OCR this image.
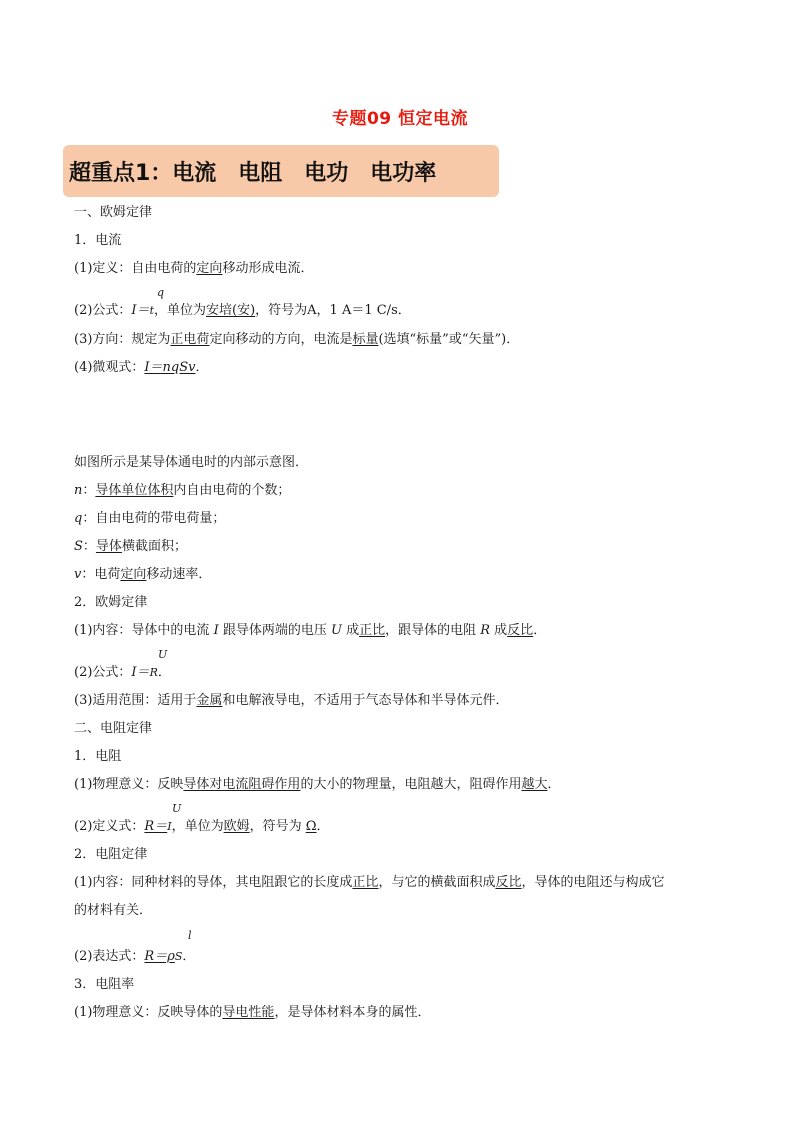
专题09 恒定电流
超重点1：电流　电阻　电功　电功率
一、欧姆定律
1．电流
(1)定义：自由电荷的定向移动形成电流．
q
(2)公式：I＝t，单位为安培(安)，符号为A，1 A＝1 C/s．
(3)方向：规定为正电荷定向移动的方向，电流是标量(选填“标量”或“矢量”)．
(4)微观式：I＝nqSv．
如图所示是某导体通电时的内部示意图．
n：导体单位体积内自由电荷的个数；
q：自由电荷的带电荷量；
S：导体横截面积；
v：电荷定向移动速率．
2．欧姆定律
(1)内容：导体中的电流 I 跟导体两端的电压 U 成正比，跟导体的电阻 R 成反比．
U
(2)公式：I＝R．
(3)适用范围：适用于金属和电解液导电，不适用于气态导体和半导体元件．
二、电阻定律
1．电阻
(1)物理意义：反映导体对电流阻碍作用的大小的物理量，电阻越大，阻碍作用越大．
U
(2)定义式：R＝I，单位为欧姆，符号为 Ω．
2．电阻定律
(1)内容：同种材料的导体，其电阻跟它的长度成正比，与它的横截面积成反比，导体的电阻还与构成它
的材料有关．
l
(2)表达式：R＝ρS．
3．电阻率
(1)物理意义：反映导体的导电性能，是导体材料本身的属性．
